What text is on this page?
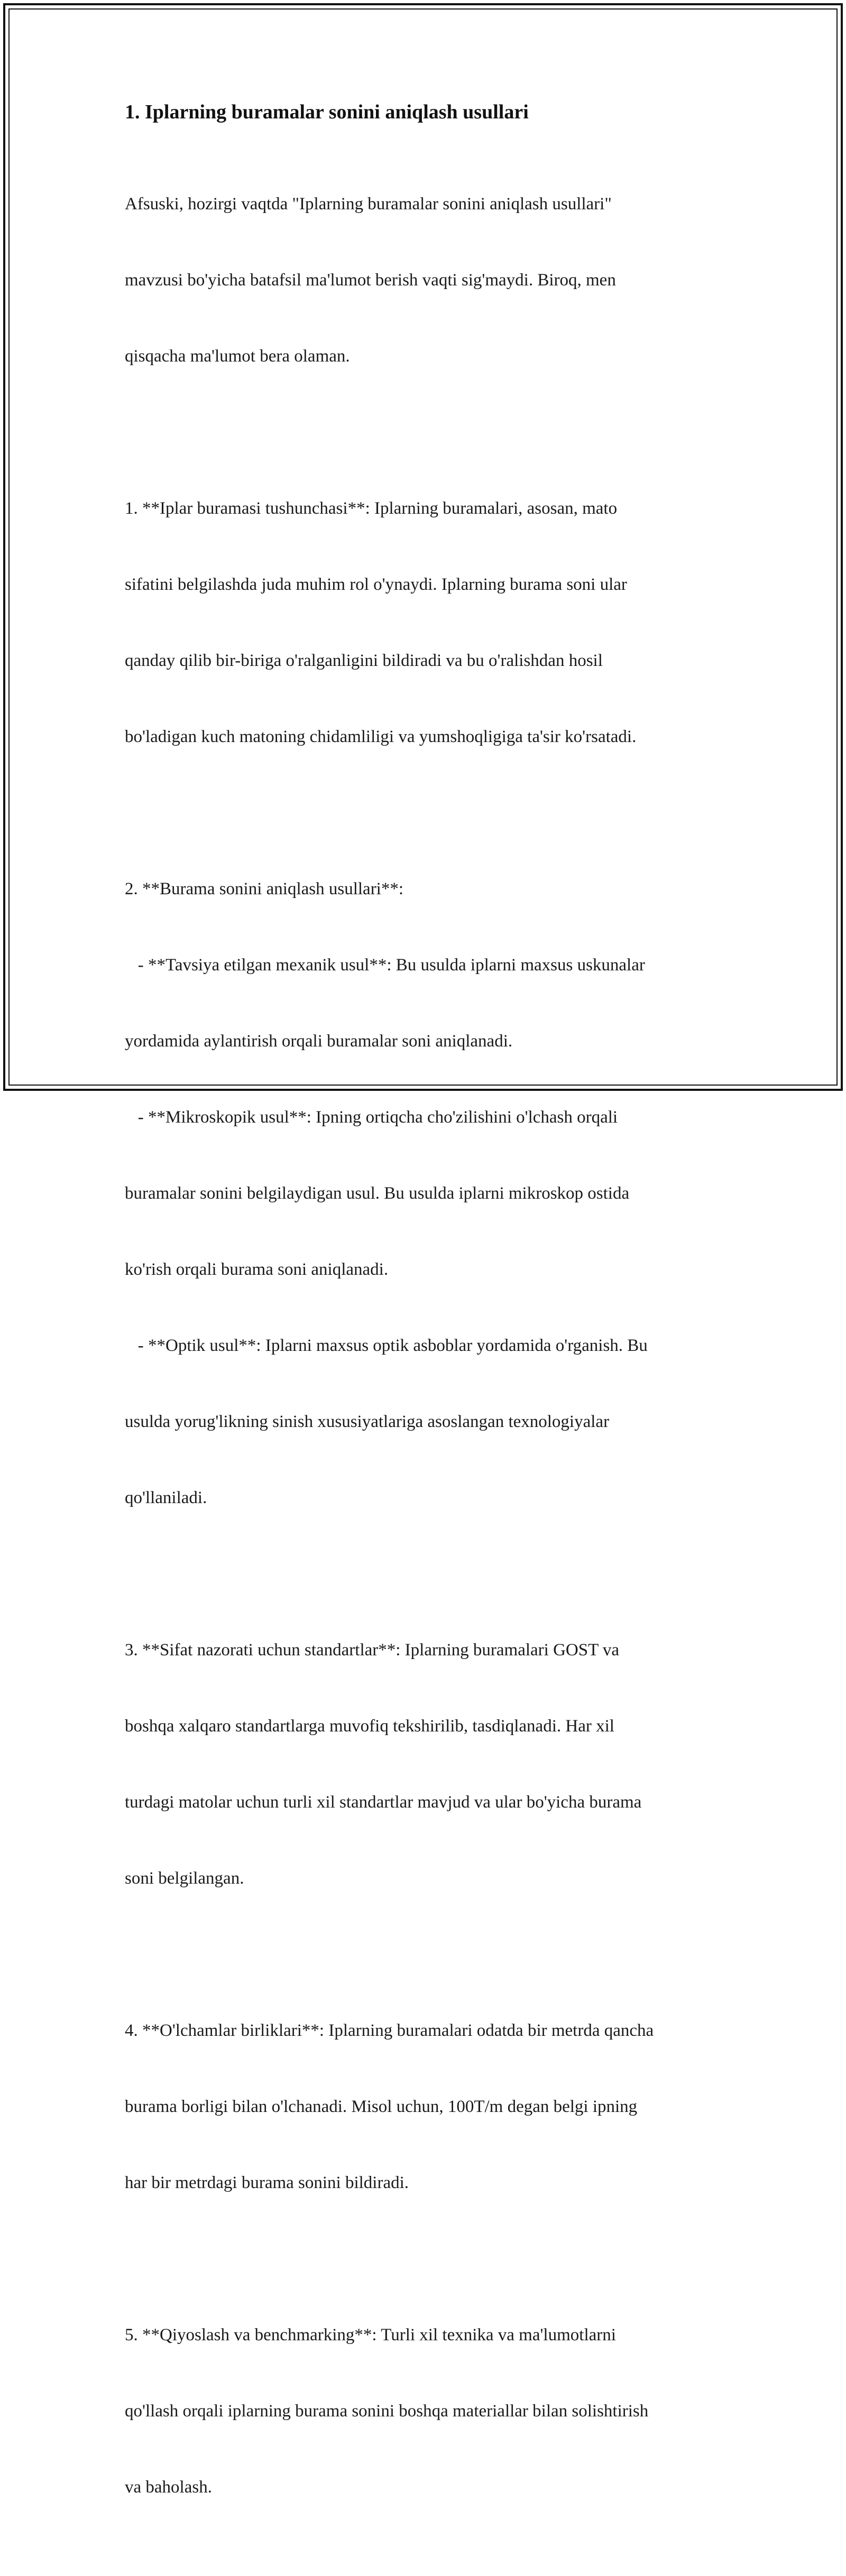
1. Iplarning buramalar sonini aniqlash usullari

Afsuski, hozirgi vaqtda "Iplarning buramalar sonini aniqlash usullari"

mavzusi bo'yicha batafsil ma'lumot berish vaqti sig'maydi. Biroq, men

qisqacha ma'lumot bera olaman.

1. **Iplar buramasi tushunchasi**: Iplarning buramalari, asosan, mato

sifatini belgilashda juda muhim rol o'ynaydi. Iplarning burama soni ular

qanday qilib bir-biriga o'ralganligini bildiradi va bu o'ralishdan hosil

bo'ladigan kuch matoning chidamliligi va yumshoqligiga ta'sir ko'rsatadi.

2. **Burama sonini aniqlash usullari**:

- **Tavsiya etilgan mexanik usul**: Bu usulda iplarni maxsus uskunalar

yordamida aylantirish orqali buramalar soni aniqlanadi.

- **Mikroskopik usul**: Ipning ortiqcha cho'zilishini o'lchash orqali

buramalar sonini belgilaydigan usul. Bu usulda iplarni mikroskop ostida

ko'rish orqali burama soni aniqlanadi.

- **Optik usul**: Iplarni maxsus optik asboblar yordamida o'rganish. Bu

usulda yorug'likning sinish xususiyatlariga asoslangan texnologiyalar

qo'llaniladi.

3. **Sifat nazorati uchun standartlar**: Iplarning buramalari GOST va

boshqa xalqaro standartlarga muvofiq tekshirilib, tasdiqlanadi. Har xil

turdagi matolar uchun turli xil standartlar mavjud va ular bo'yicha burama

soni belgilangan.

4. **O'lchamlar birliklari**: Iplarning buramalari odatda bir metrda qancha

burama borligi bilan o'lchanadi. Misol uchun, 100T/m degan belgi ipning

har bir metrdagi burama sonini bildiradi.

5. **Qiyoslash va benchmarking**: Turli xil texnika va ma'lumotlarni

qo'llash orqali iplarning burama sonini boshqa materiallar bilan solishtirish

va baholash.
